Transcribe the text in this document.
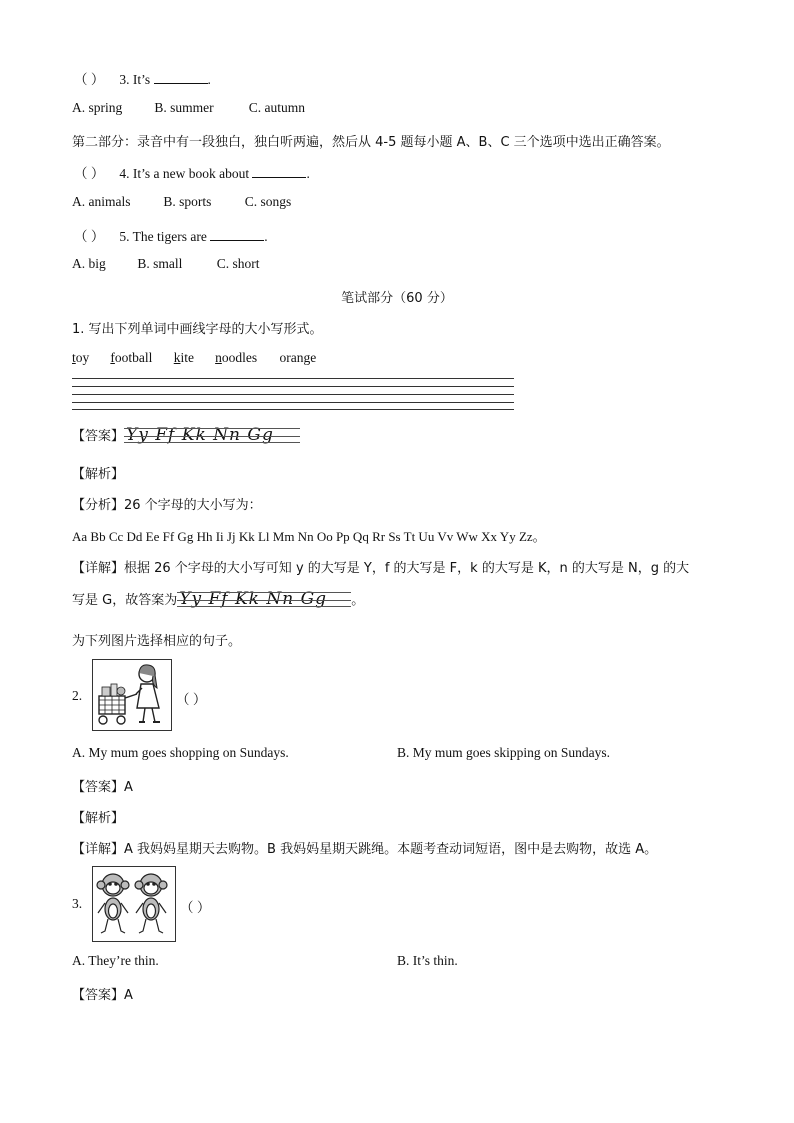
（ ） 3. It’s	.
A. spring B. summer	C. autumn
第二部分：录音中有一段独白，独白听两遍，然后从 4-5 题每小题 A、B、C 三个选项中选出正确答案。
（ ） 4. It’s a new book about	.
A. animals B. sports C. songs
（ ） 5. The tigers are	.
A. big B. small	C. short
笔试部分（60 分）
1. 写出下列单词中画线字母的大小写形式。
toy football kite noodles orange
【答案】 Yy Ff Kk Nn Gg
【解析】
【分析】26 个字母的大小写为：
Aa Bb Cc Dd Ee Ff Gg Hh Ii Jj Kk Ll Mm Nn Oo Pp Qq Rr Ss Tt Uu Vv Ww Xx Yy Zz。
【详解】根据 26 个字母的大小写可知 y 的大写是 Y，f 的大写是 F，k 的大写是 K，n 的大写是 N，g 的大
写是 G，故答案为 Yy Ff Kk Nn Gg 。
为下列图片选择相应的句子。
2.	（ ）
A. My mum goes shopping on Sundays.	B. My mum goes skipping on Sundays.
【答案】A
【解析】
【详解】A 我妈妈星期天去购物。B 我妈妈星期天跳绳。本题考查动词短语，图中是去购物，故选 A。
3.	（ ）
A. They’re thin.	B. It’s thin.
【答案】A
